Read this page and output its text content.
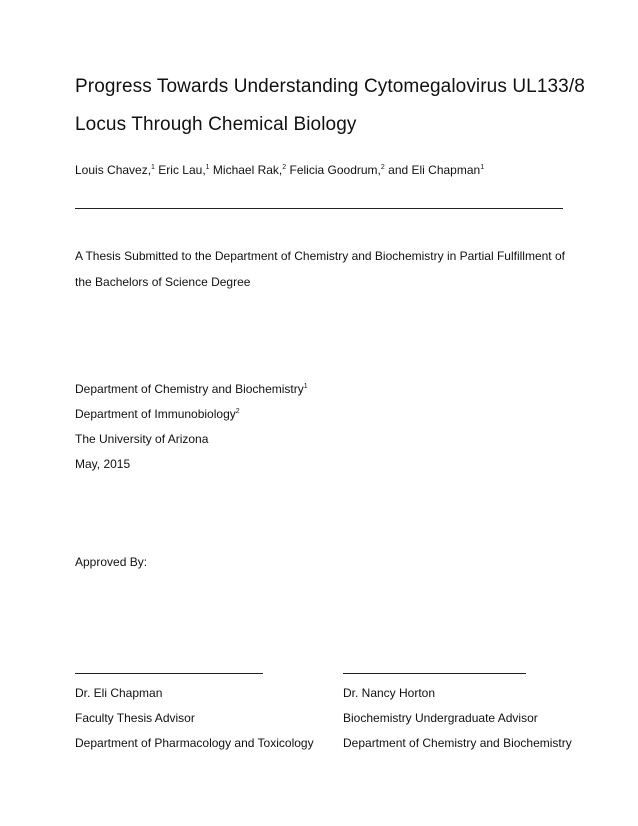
Progress Towards Understanding Cytomegalovirus UL133/8
Locus Through Chemical Biology
Louis Chavez,$^1$ Eric Lau,$^1$ Michael Rak,$^2$ Felicia Goodrum,$^2$ and Eli Chapman$^1$
A Thesis Submitted to the Department of Chemistry and Biochemistry in Partial Fulfillment of
the Bachelors of Science Degree
Department of Chemistry and Biochemistry$^1$
Department of Immunobiology$^2$
The University of Arizona
May, 2015
Approved By:
Dr. Eli Chapman
Faculty Thesis Advisor
Department of Pharmacology and Toxicology
Dr. Nancy Horton
Biochemistry Undergraduate Advisor
Department of Chemistry and Biochemistry
